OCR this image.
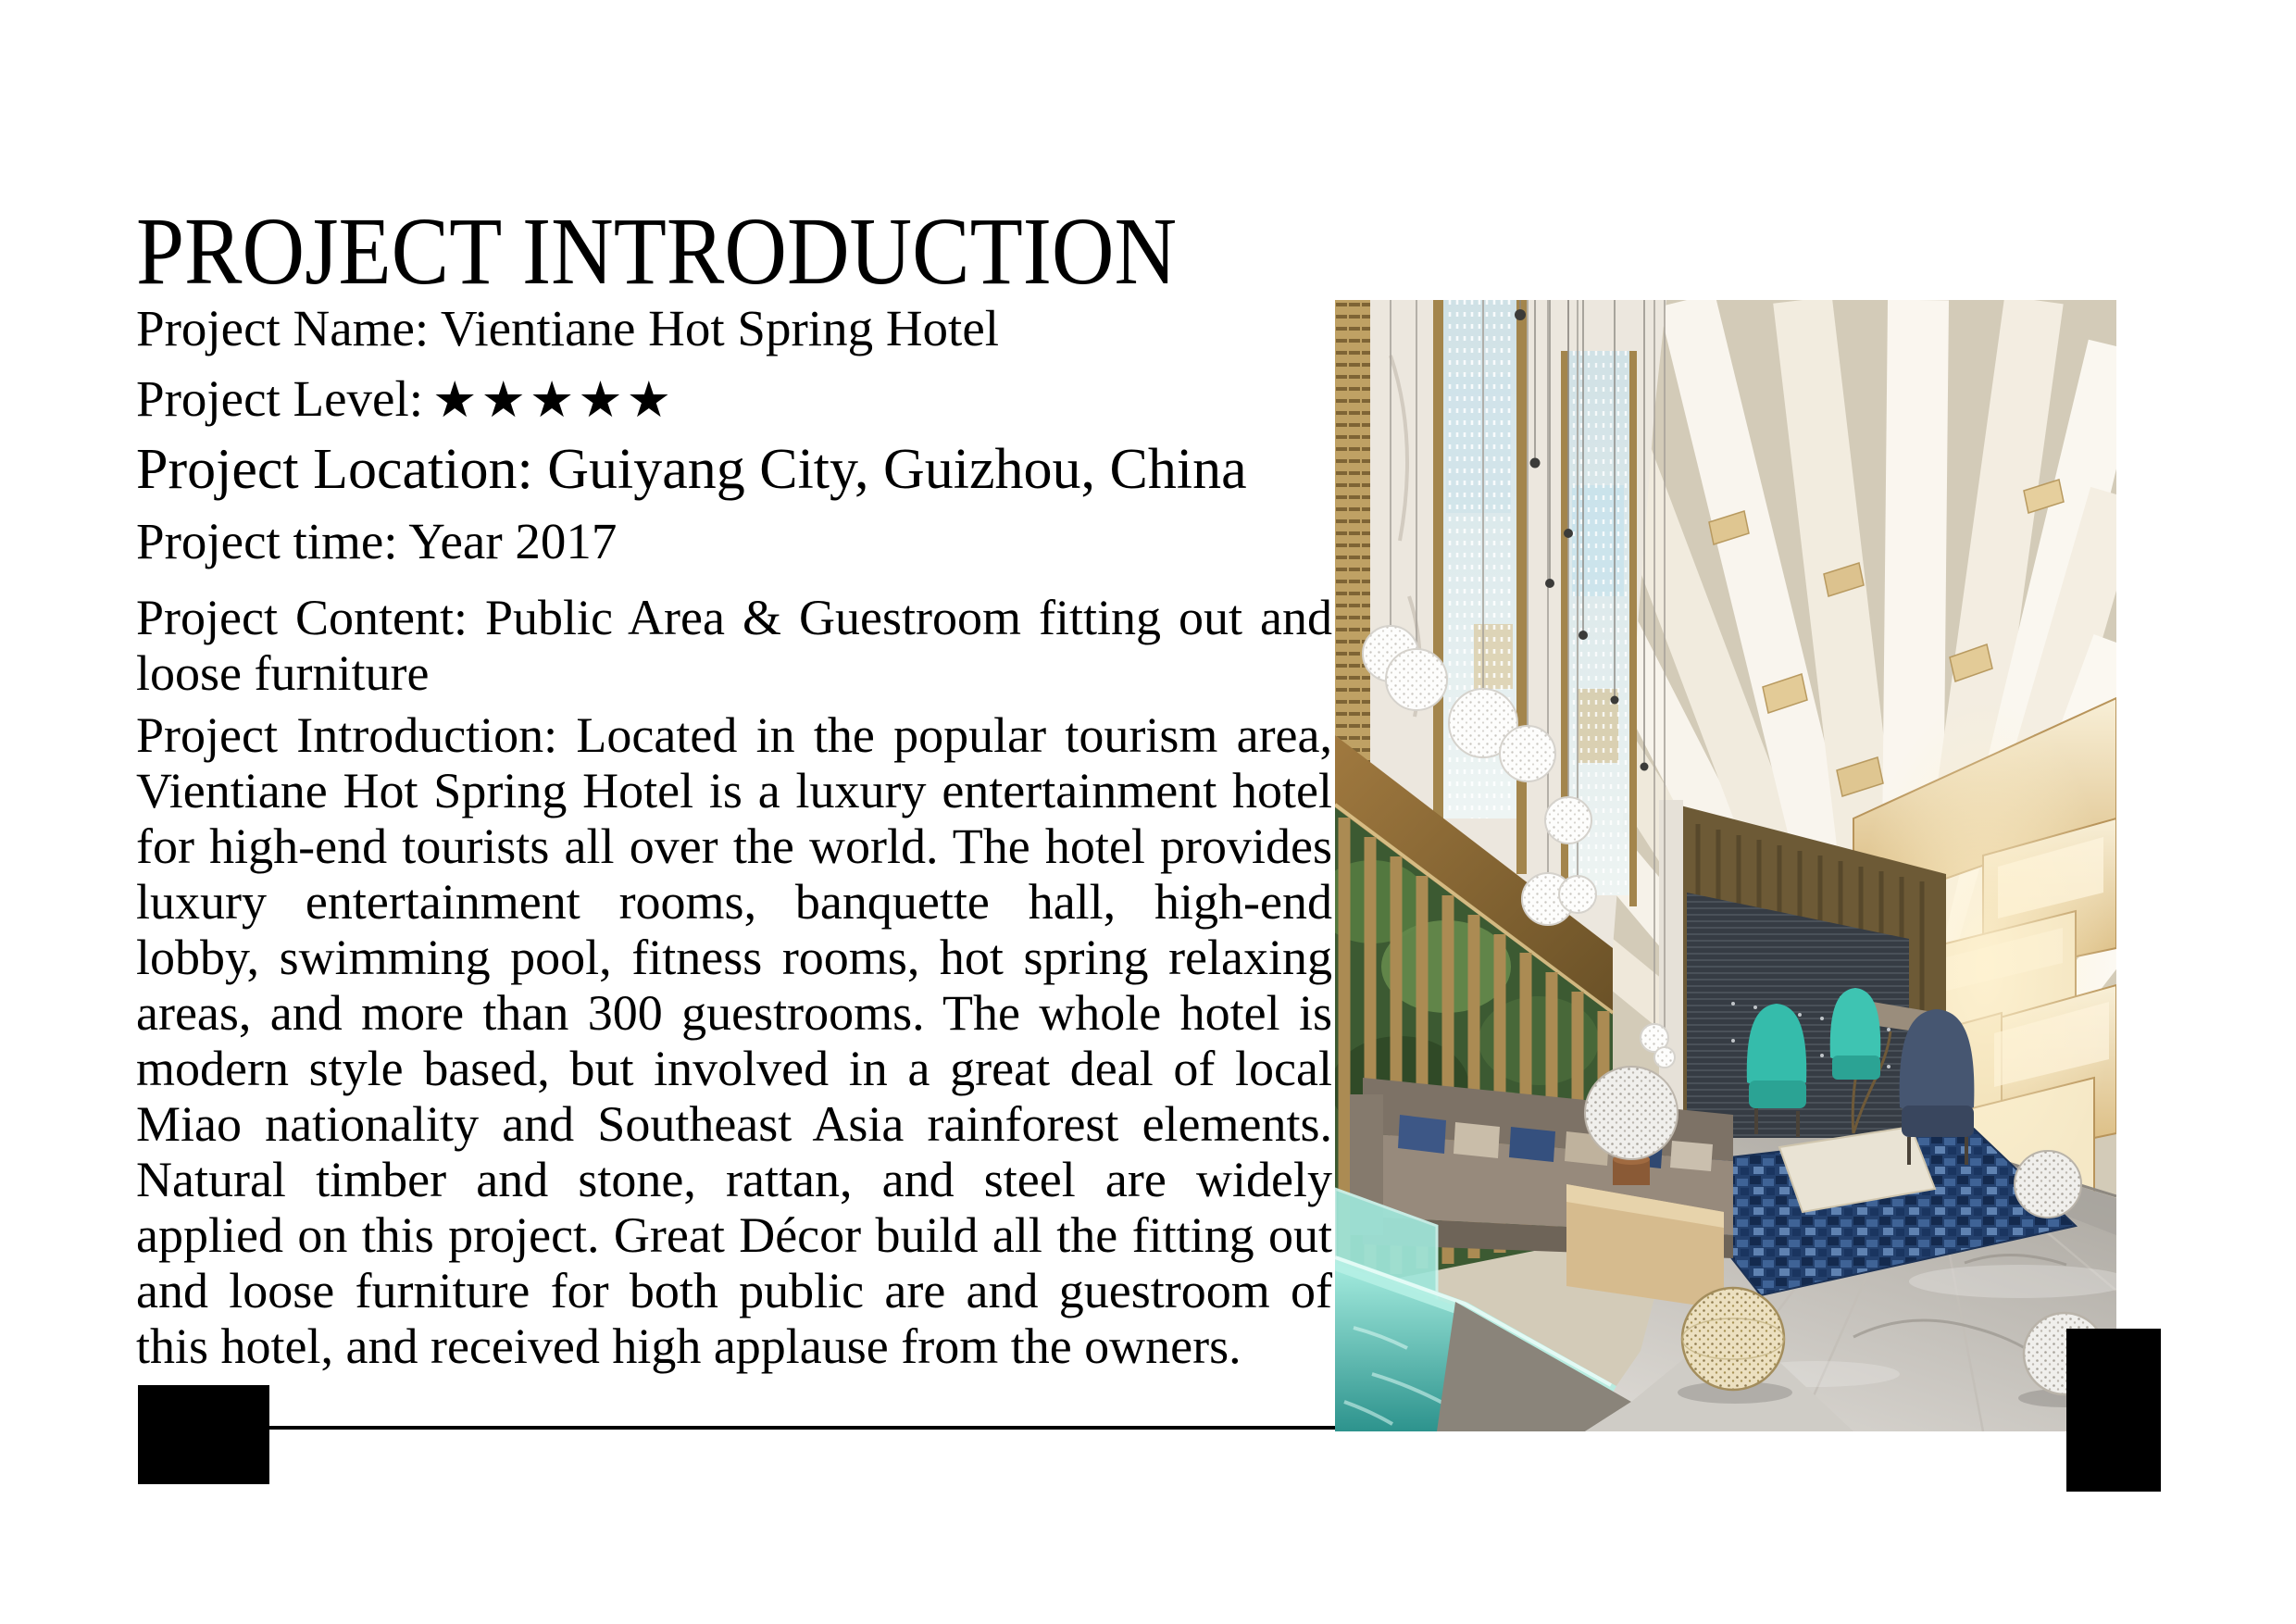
PROJECT INTRODUCTION
Project Name: Vientiane Hot Spring Hotel
Project Level: ★★★★★
Project Location: Guiyang City, Guizhou, China
Project time: Year 2017
Project Content: Public Area & Guestroom fitting out and loose furniture
Project Introduction: Located in the popular tourism area, Vientiane Hot Spring Hotel is a luxury entertainment hotel for high-end tourists all over the world. The hotel provides luxury entertainment rooms, banquette hall, high-end lobby, swimming pool, fitness rooms, hot spring relaxing areas, and more than 300 guestrooms. The whole hotel is modern style based, but involved in a great deal of local Miao nationality and Southeast Asia rainforest elements. Natural timber and stone, rattan, and steel are widely applied on this project. Great Décor build all the fitting out and loose furniture for both public are and guestroom of this hotel, and received high applause from the owners.
